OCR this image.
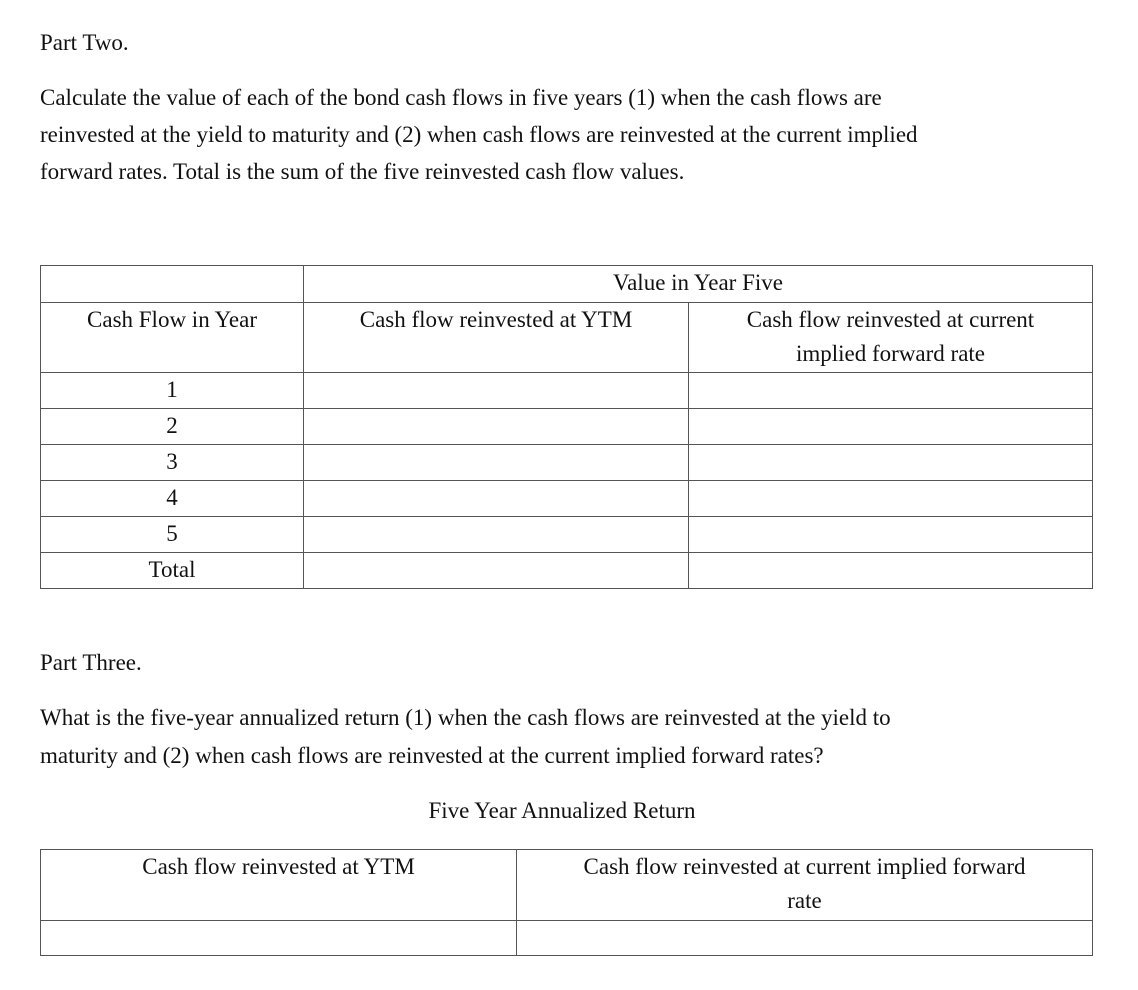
Part Two.
Calculate the value of each of the bond cash flows in five years (1) when the cash flows are
reinvested at the yield to maturity and (2) when cash flows are reinvested at the current implied
forward rates. Total is the sum of the five reinvested cash flow values.
	Value in Year Five	
Cash Flow in Year	Cash flow reinvested at YTM	Cash flow reinvested at current
implied forward rate

1		
2		
3		
4		
5		
Total		
Part Three.
What is the five-year annualized return (1) when the cash flows are reinvested at the yield to
maturity and (2) when cash flows are reinvested at the current implied forward rates?
Five Year Annualized Return
Cash flow reinvested at YTM	Cash flow reinvested at current implied forward
rate
